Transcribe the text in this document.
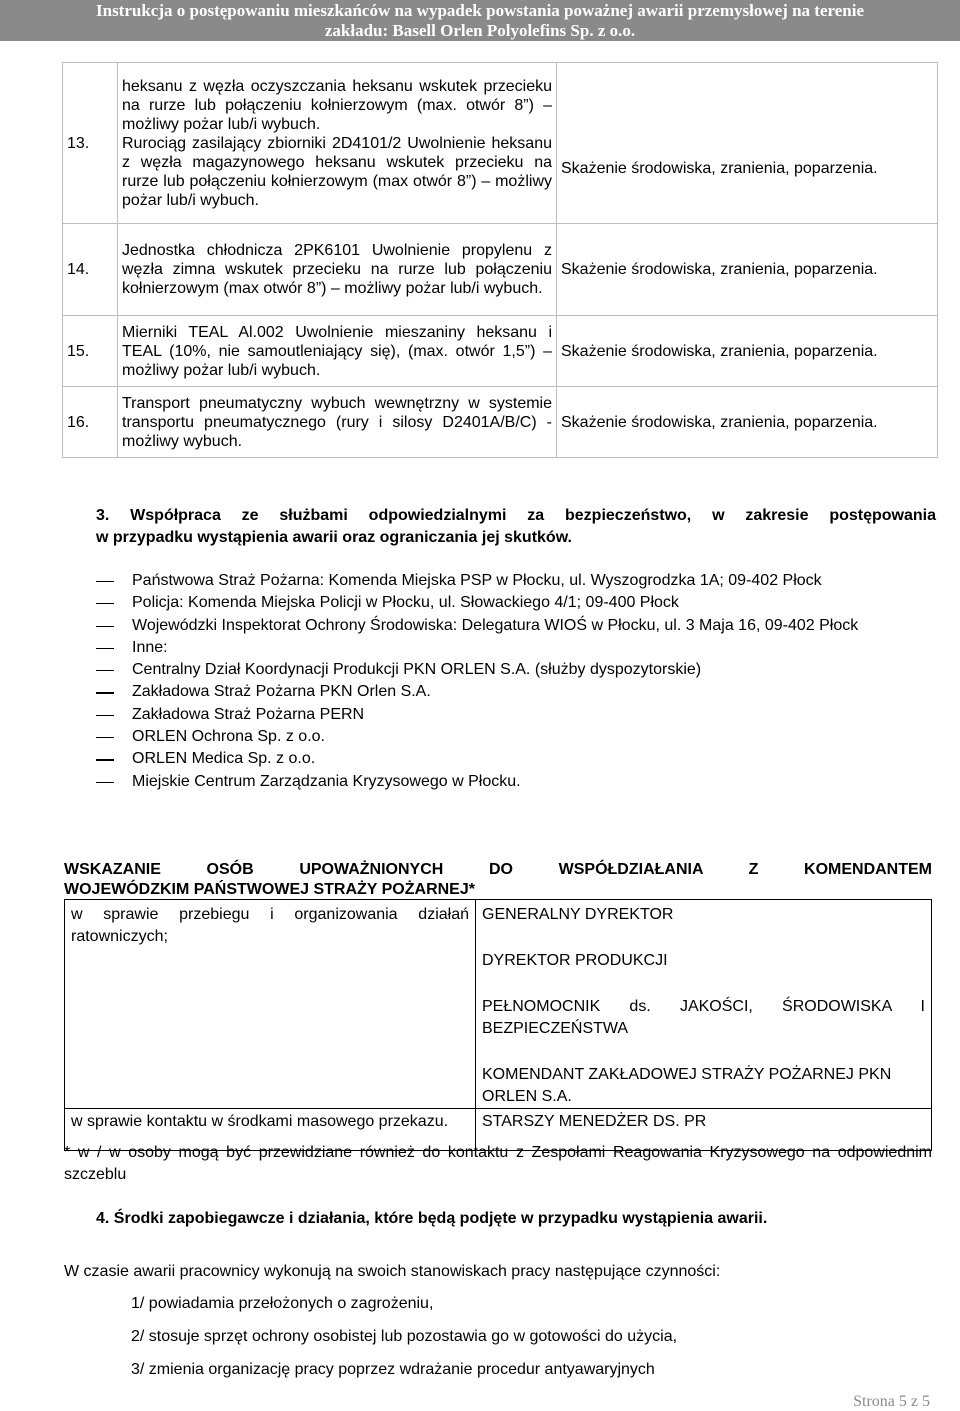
Instrukcja o postępowaniu mieszkańców na wypadek powstania poważnej awarii przemysłowej na terenie
zakładu: Basell Orlen Polyolefins Sp. z o.o.
13.	heksanu z węzła oczyszczania heksanu wskutek przecieku na rurze lub połączeniu kołnierzowym (max. otwór 8”) – możliwy pożar lub/i wybuch.
Rurociąg zasilający zbiorniki 2D4101/2 Uwolnienie heksanu z węzła magazynowego heksanu wskutek przecieku na rurze lub połączeniu kołnierzowym (max otwór 8”) – możliwy pożar lub/i wybuch.	Skażenie środowiska, zranienia, poparzenia.
14.	Jednostka chłodnicza 2PK6101 Uwolnienie propylenu z węzła zimna wskutek przecieku na rurze lub połączeniu kołnierzowym (max otwór 8”) – możliwy pożar lub/i wybuch.	Skażenie środowiska, zranienia, poparzenia.
15.	Mierniki TEAL Al.002 Uwolnienie mieszaniny heksanu i TEAL (10%, nie samoutleniający się), (max. otwór 1,5”) – możliwy pożar lub/i wybuch.	Skażenie środowiska, zranienia, poparzenia.
16.	Transport pneumatyczny wybuch wewnętrzny w systemie transportu pneumatycznego (rury i silosy D2401A/B/C) - możliwy wybuch.	Skażenie środowiska, zranienia, poparzenia.
3. Współpraca ze służbami odpowiedzialnymi za bezpieczeństwo, w zakresie postępowania
w przypadku wystąpienia awarii oraz ograniczania jej skutków.
Państwowa Straż Pożarna: Komenda Miejska PSP w Płocku, ul. Wyszogrodzka 1A; 09-402 Płock
Policja: Komenda Miejska Policji w Płocku, ul. Słowackiego 4/1; 09-400 Płock
Wojewódzki Inspektorat Ochrony Środowiska: Delegatura WIOŚ w Płocku, ul. 3 Maja 16, 09-402 Płock
Inne:
Centralny Dział Koordynacji Produkcji PKN ORLEN S.A. (służby dyspozytorskie)
Zakładowa Straż Pożarna PKN Orlen S.A.
Zakładowa Straż Pożarna PERN
ORLEN Ochrona Sp. z o.o.
ORLEN Medica Sp. z o.o.
Miejskie Centrum Zarządzania Kryzysowego w Płocku.
WSKAZANIE OSÓB UPOWAŻNIONYCH DO WSPÓŁDZIAŁANIA Z KOMENDANTEM
WOJEWÓDZKIM PAŃSTWOWEJ STRAŻY POŻARNEJ*
w sprawie przebiegu i organizowania działań ratowniczych;	GENERALNY DYREKTOR
DYREKTOR PRODUKCJI
PEŁNOMOCNIK ds. JAKOŚCI, ŚRODOWISKA I BEZPIECZEŃSTWA
KOMENDANT ZAKŁADOWEJ STRAŻY POŻARNEJ PKN ORLEN S.A.

w sprawie kontaktu w środkami masowego przekazu.	STARSZY MENEDŻER DS. PR
* w / w osoby mogą być przewidziane również do kontaktu z Zespołami Reagowania Kryzysowego na odpowiednim szczeblu
4. Środki zapobiegawcze i działania, które będą podjęte w przypadku wystąpienia awarii.
W czasie awarii pracownicy wykonują na swoich stanowiskach pracy następujące czynności:
1/ powiadamia przełożonych o zagrożeniu,
2/ stosuje sprzęt ochrony osobistej lub pozostawia go w gotowości do użycia,
3/ zmienia organizację pracy poprzez wdrażanie procedur antyawaryjnych
Strona 5 z 5
